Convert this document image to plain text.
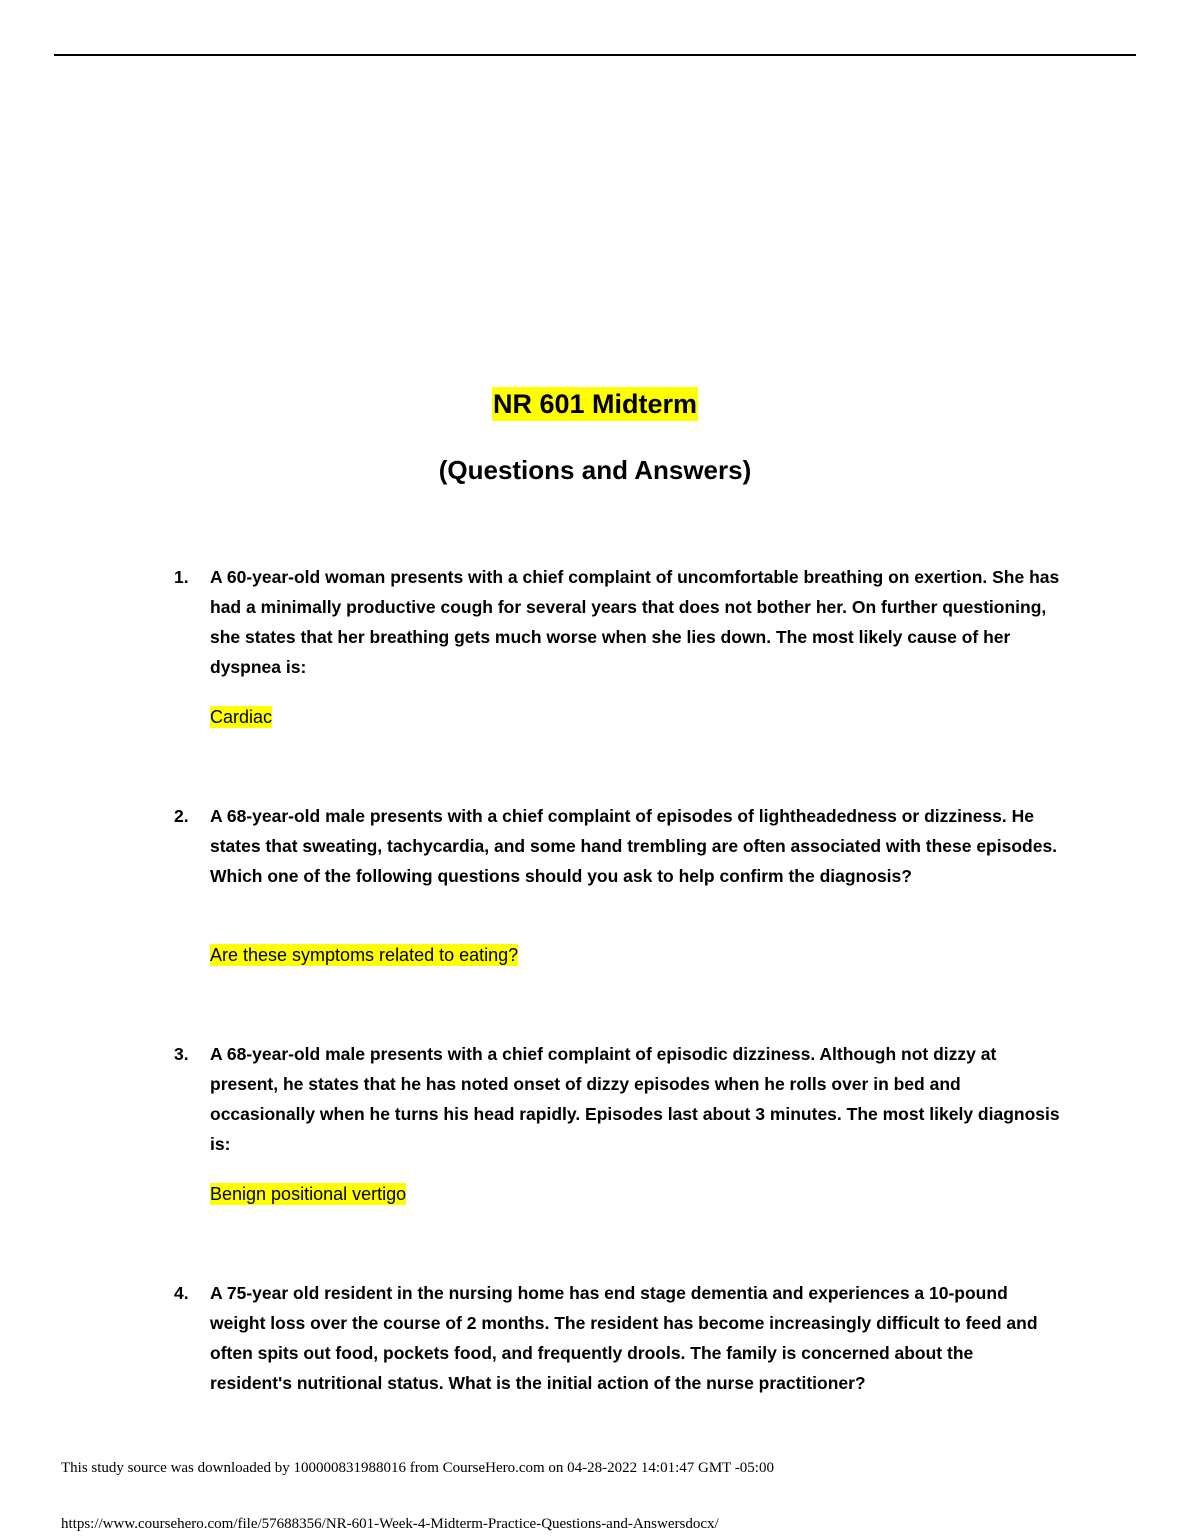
NR 601 Midterm
(Questions and Answers)
1. A 60-year-old woman presents with a chief complaint of uncomfortable breathing on exertion. She has had a minimally productive cough for several years that does not bother her. On further questioning, she states that her breathing gets much worse when she lies down. The most likely cause of her dyspnea is:
Cardiac
2. A 68-year-old male presents with a chief complaint of episodes of lightheadedness or dizziness. He states that sweating, tachycardia, and some hand trembling are often associated with these episodes. Which one of the following questions should you ask to help confirm the diagnosis?
Are these symptoms related to eating?
3. A 68-year-old male presents with a chief complaint of episodic dizziness. Although not dizzy at present, he states that he has noted onset of dizzy episodes when he rolls over in bed and occasionally when he turns his head rapidly. Episodes last about 3 minutes. The most likely diagnosis is:
Benign positional vertigo
4. A 75-year old resident in the nursing home has end stage dementia and experiences a 10-pound weight loss over the course of 2 months. The resident has become increasingly difficult to feed and often spits out food, pockets food, and frequently drools. The family is concerned about the resident's nutritional status. What is the initial action of the nurse practitioner?
This study source was downloaded by 100000831988016 from CourseHero.com on 04-28-2022 14:01:47 GMT -05:00
https://www.coursehero.com/file/57688356/NR-601-Week-4-Midterm-Practice-Questions-and-Answersdocx/
